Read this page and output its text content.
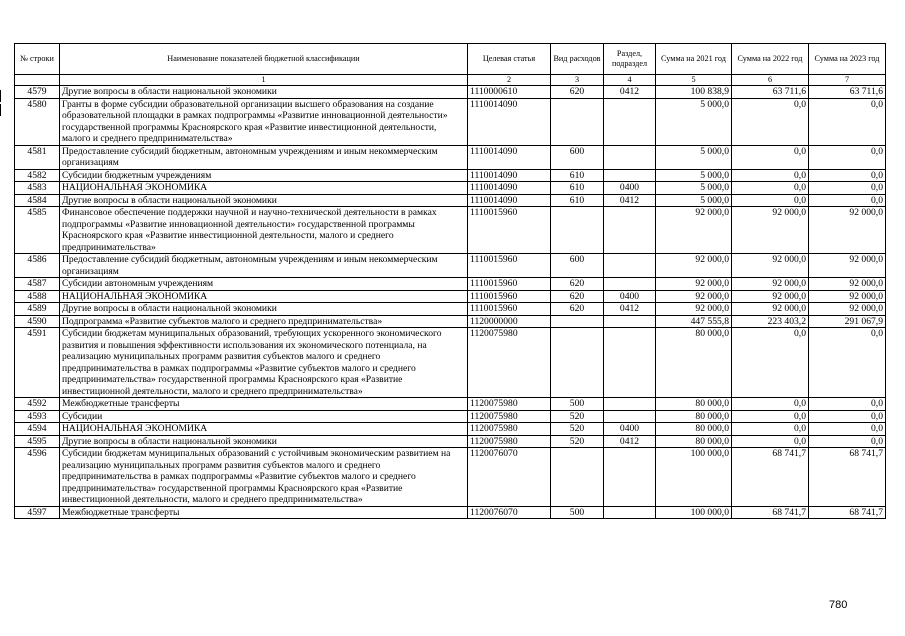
№ строки	Наименование показателей бюджетной классификации	Целевая статья	Вид расходов	Раздел, подраздел	Сумма на 2021 год	Сумма на 2022 год	Сумма на 2023 год
	1	2	3	4	5	6	7
4579	Другие вопросы в области национальной экономики	1110000610	620	0412	100 838,9	63 711,6	63 711,6
4580	Гранты в форме субсидии образовательной организации высшего образования на создание образовательной площадки в рамках подпрограммы «Развитие инновационной деятельности» государственной программы Красноярского края «Развитие инвестиционной деятельности, малого и среднего предпринимательства»	1110014090			5 000,0	0,0	0,0
4581	Предоставление субсидий бюджетным, автономным учреждениям и иным некоммерческим организациям	1110014090	600		5 000,0	0,0	0,0
4582	Субсидии бюджетным учреждениям	1110014090	610		5 000,0	0,0	0,0
4583	НАЦИОНАЛЬНАЯ ЭКОНОМИКА	1110014090	610	0400	5 000,0	0,0	0,0
4584	Другие вопросы в области национальной экономики	1110014090	610	0412	5 000,0	0,0	0,0
4585	Финансовое обеспечение поддержки научной и научно-технической деятельности в рамках подпрограммы «Развитие инновационной деятельности» государственной программы Красноярского края «Развитие инвестиционной деятельности, малого и среднего предпринимательства»	1110015960			92 000,0	92 000,0	92 000,0
4586	Предоставление субсидий бюджетным, автономным учреждениям и иным некоммерческим организациям	1110015960	600		92 000,0	92 000,0	92 000,0
4587	Субсидии автономным учреждениям	1110015960	620		92 000,0	92 000,0	92 000,0
4588	НАЦИОНАЛЬНАЯ ЭКОНОМИКА	1110015960	620	0400	92 000,0	92 000,0	92 000,0
4589	Другие вопросы в области национальной экономики	1110015960	620	0412	92 000,0	92 000,0	92 000,0
4590	Подпрограмма «Развитие субъектов малого и среднего предпринимательства»	1120000000			447 555,8	223 403,2	291 067,9
4591	Субсидии бюджетам муниципальных образований, требующих ускоренного экономического развития и повышения эффективности использования их экономического потенциала, на реализацию муниципальных программ развития субъектов малого и среднего предпринимательства в рамках подпрограммы «Развитие субъектов малого и среднего предпринимательства» государственной программы Красноярского края «Развитие инвестиционной деятельности, малого и среднего предпринимательства»	1120075980			80 000,0	0,0	0,0
4592	Межбюджетные трансферты	1120075980	500		80 000,0	0,0	0,0
4593	Субсидии	1120075980	520		80 000,0	0,0	0,0
4594	НАЦИОНАЛЬНАЯ ЭКОНОМИКА	1120075980	520	0400	80 000,0	0,0	0,0
4595	Другие вопросы в области национальной экономики	1120075980	520	0412	80 000,0	0,0	0,0
4596	Субсидии бюджетам муниципальных образований с устойчивым экономическим развитием на реализацию муниципальных программ развития субъектов малого и среднего предпринимательства в рамках подпрограммы «Развитие субъектов малого и среднего предпринимательства» государственной программы Красноярского края «Развитие инвестиционной деятельности, малого и среднего предпринимательства»	1120076070			100 000,0	68 741,7	68 741,7
4597	Межбюджетные трансферты	1120076070	500		100 000,0	68 741,7	68 741,7
780
